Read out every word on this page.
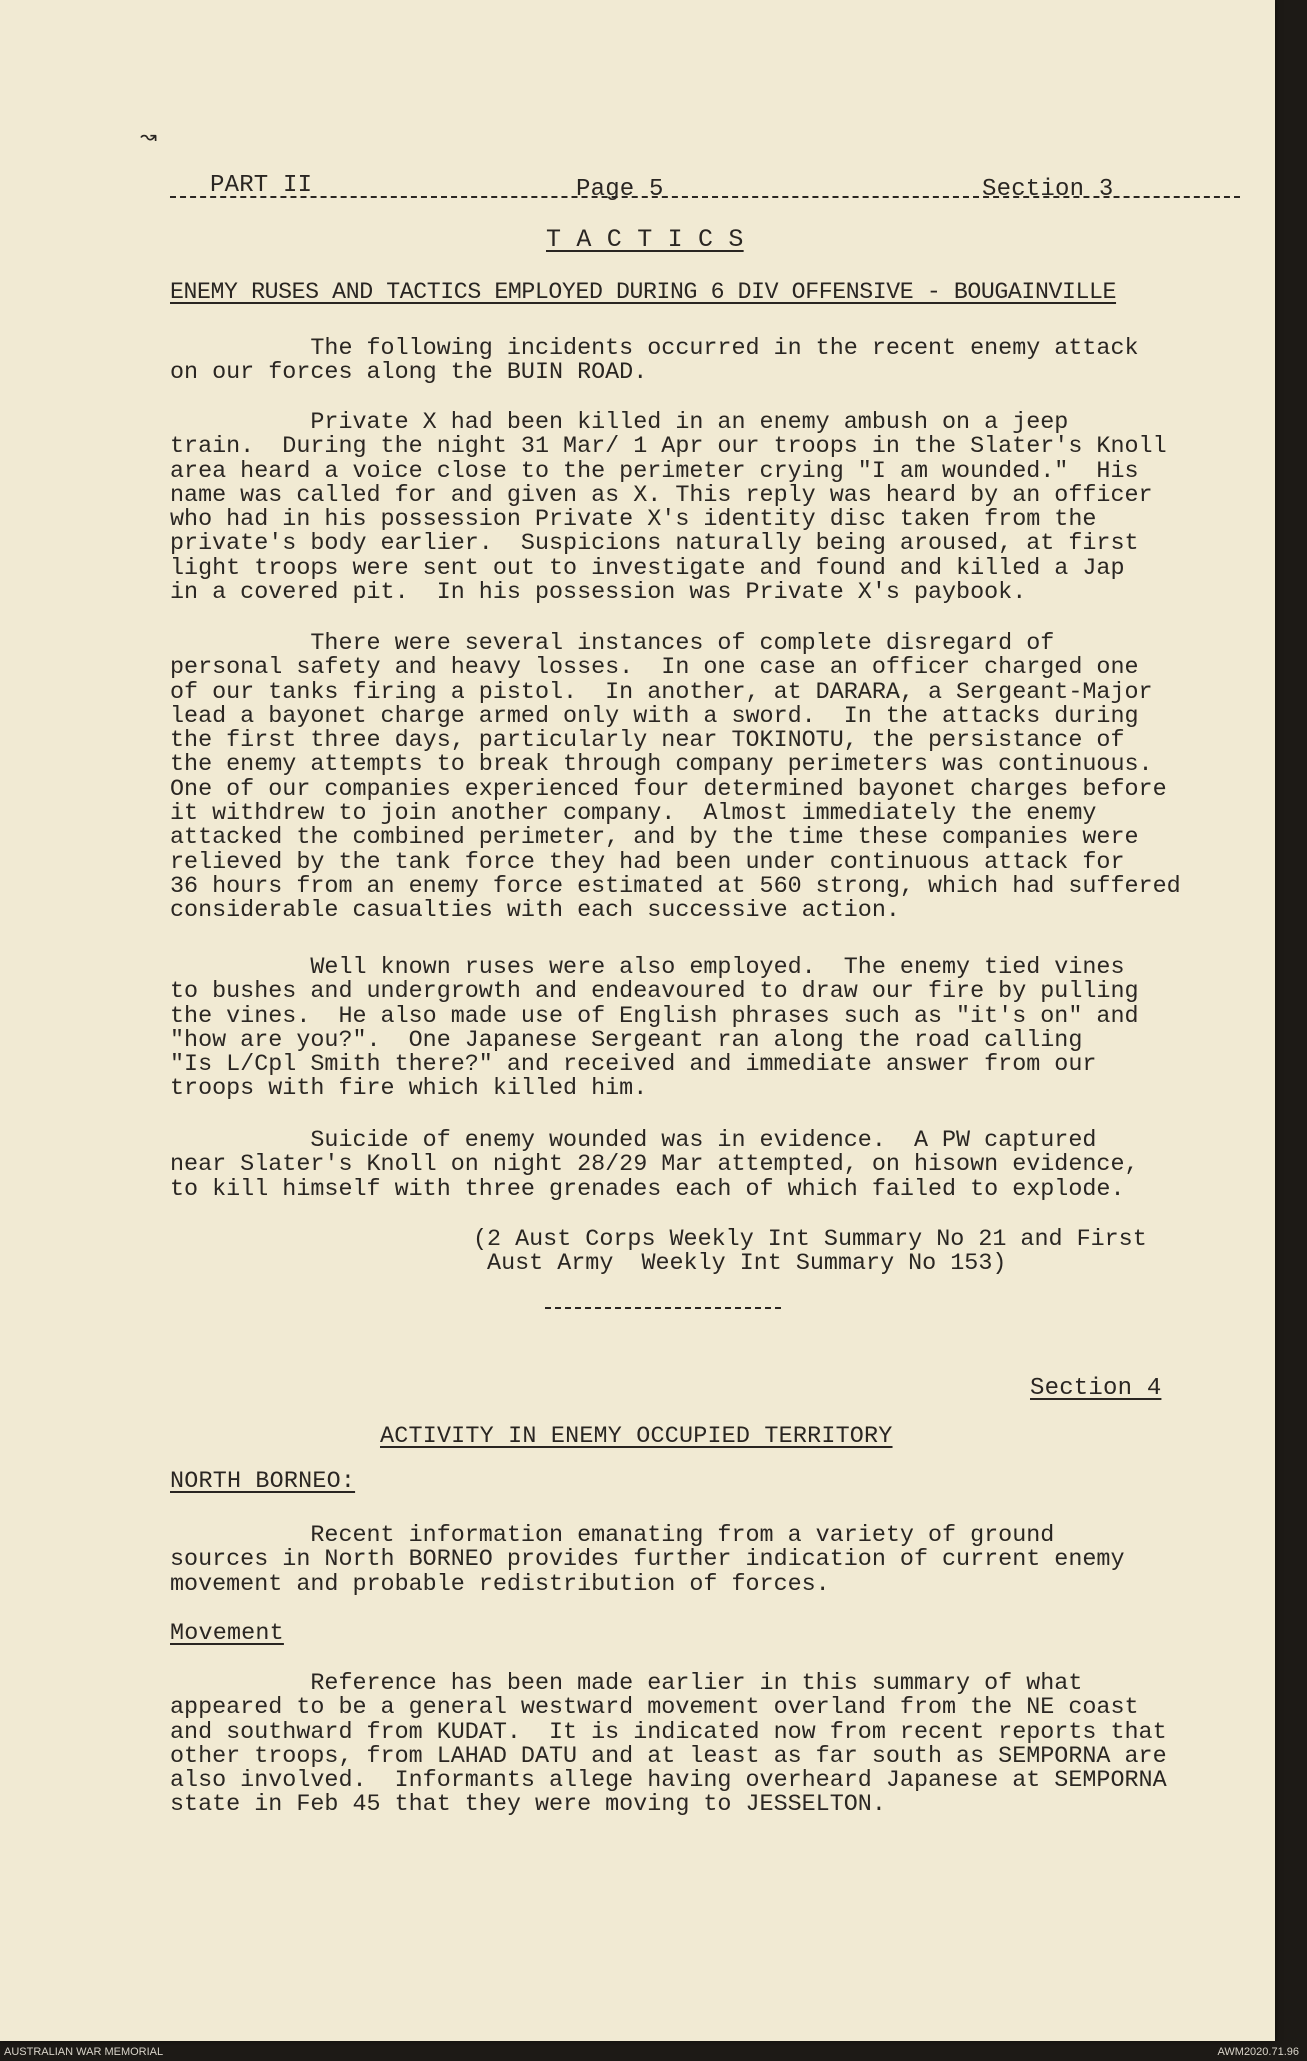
↝
PART II	Page 5	Section 3
T A C T I C S
ENEMY RUSES AND TACTICS EMPLOYED DURING 6 DIV OFFENSIVE - BOUGAINVILLE
The following incidents occurred in the recent enemy attack
on our forces along the BUIN ROAD.
Private X had been killed in an enemy ambush on a jeep
train.  During the night 31 Mar/ 1 Apr our troops in the Slater's Knoll
area heard a voice close to the perimeter crying "I am wounded."  His
name was called for and given as X. This reply was heard by an officer
who had in his possession Private X's identity disc taken from the
private's body earlier.  Suspicions naturally being aroused, at first
light troops were sent out to investigate and found and killed a Jap
in a covered pit.  In his possession was Private X's paybook.
There were several instances of complete disregard of
personal safety and heavy losses.  In one case an officer charged one
of our tanks firing a pistol.  In another, at DARARA, a Sergeant-Major
lead a bayonet charge armed only with a sword.  In the attacks during
the first three days, particularly near TOKINOTU, the persistance of
the enemy attempts to break through company perimeters was continuous.
One of our companies experienced four determined bayonet charges before
it withdrew to join another company.  Almost immediately the enemy
attacked the combined perimeter, and by the time these companies were
relieved by the tank force they had been under continuous attack for
36 hours from an enemy force estimated at 560 strong, which had suffered
considerable casualties with each successive action.
Well known ruses were also employed.  The enemy tied vines
to bushes and undergrowth and endeavoured to draw our fire by pulling
the vines.  He also made use of English phrases such as "it's on" and
"how are you?".  One Japanese Sergeant ran along the road calling
"Is L/Cpl Smith there?" and received and immediate answer from our
troops with fire which killed him.
Suicide of enemy wounded was in evidence.  A PW captured
near Slater's Knoll on night 28/29 Mar attempted, on hisown evidence,
to kill himself with three grenades each of which failed to explode.
(2 Aust Corps Weekly Int Summary No 21 and First
Aust Army  Weekly Int Summary No 153)
Section 4
ACTIVITY IN ENEMY OCCUPIED TERRITORY
NORTH BORNEO:
Recent information emanating from a variety of ground
sources in North BORNEO provides further indication of current enemy
movement and probable redistribution of forces.
Movement
Reference has been made earlier in this summary of what
appeared to be a general westward movement overland from the NE coast
and southward from KUDAT.  It is indicated now from recent reports that
other troops, from LAHAD DATU and at least as far south as SEMPORNA are
also involved.  Informants allege having overheard Japanese at SEMPORNA
state in Feb 45 that they were moving to JESSELTON.
AUSTRALIAN WAR MEMORIAL	AWM2020.71.96
